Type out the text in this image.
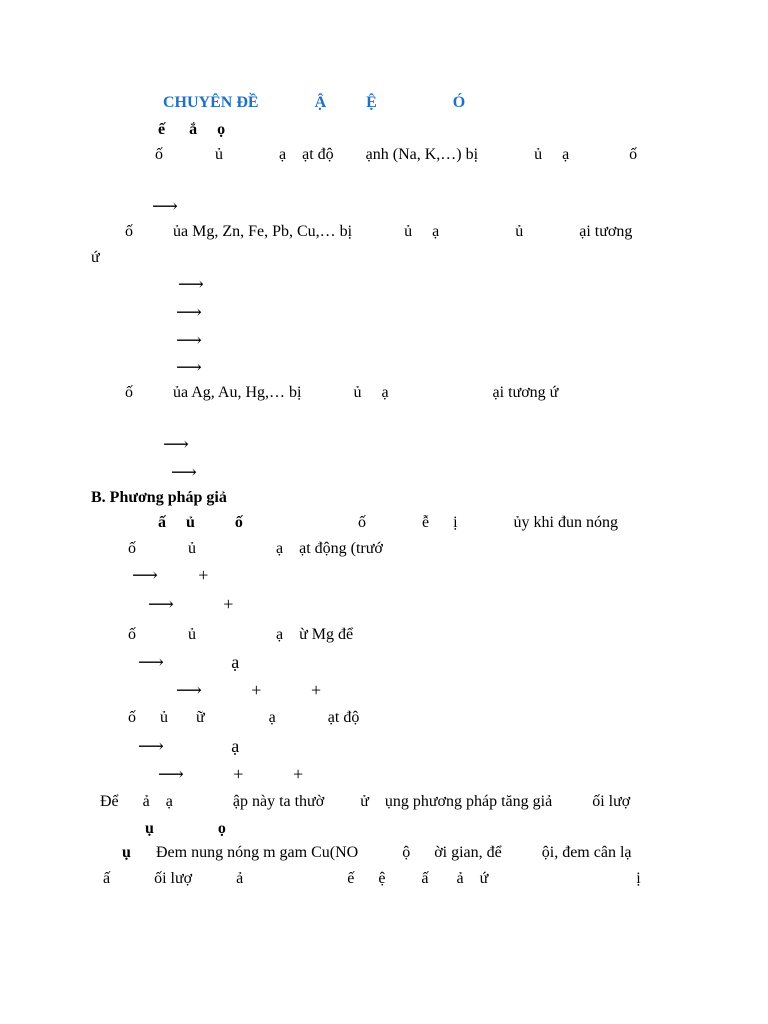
CHUYÊN ĐỀ              Ậ          Ệ                   Ó

ế      ắ     ọ

ố             ủ              ạ    ạt độ        ạnh (Na, K,…) bị              ủ     ạ               ố

⟶

ố          ủa Mg, Zn, Fe, Pb, Cu,… bị             ủ     ạ                   ủ              ại tương

ứ

⟶

⟶

⟶

⟶

ố          ủa Ag, Au, Hg,… bị             ủ     ạ                          ại tương ứ

⟶

⟶

B. Phương pháp giả

ấ     ủ          ố	ố              ễ      ị              ủy khi đun nóng

ố             ủ                    ạ    ạt động (trướ

⟶         +

⟶           +

ố             ủ                    ạ    ừ Mg để

⟶               ạ

⟶           +           +

ố      ủ       ữ                ạ             ạt độ

⟶               ạ

⟶           +           +

Để      ả    ạ               ập này ta thườ         ử    ụng phương pháp tăng giả          ối lượ

ụ                ọ

ụ Đem nung nóng m gam Cu(NO           ộ      ời gian, để          ội, đem cân lạ

ấ           ối lượ           ả                          ế      ệ         ấ       ả    ứ                                     ị
